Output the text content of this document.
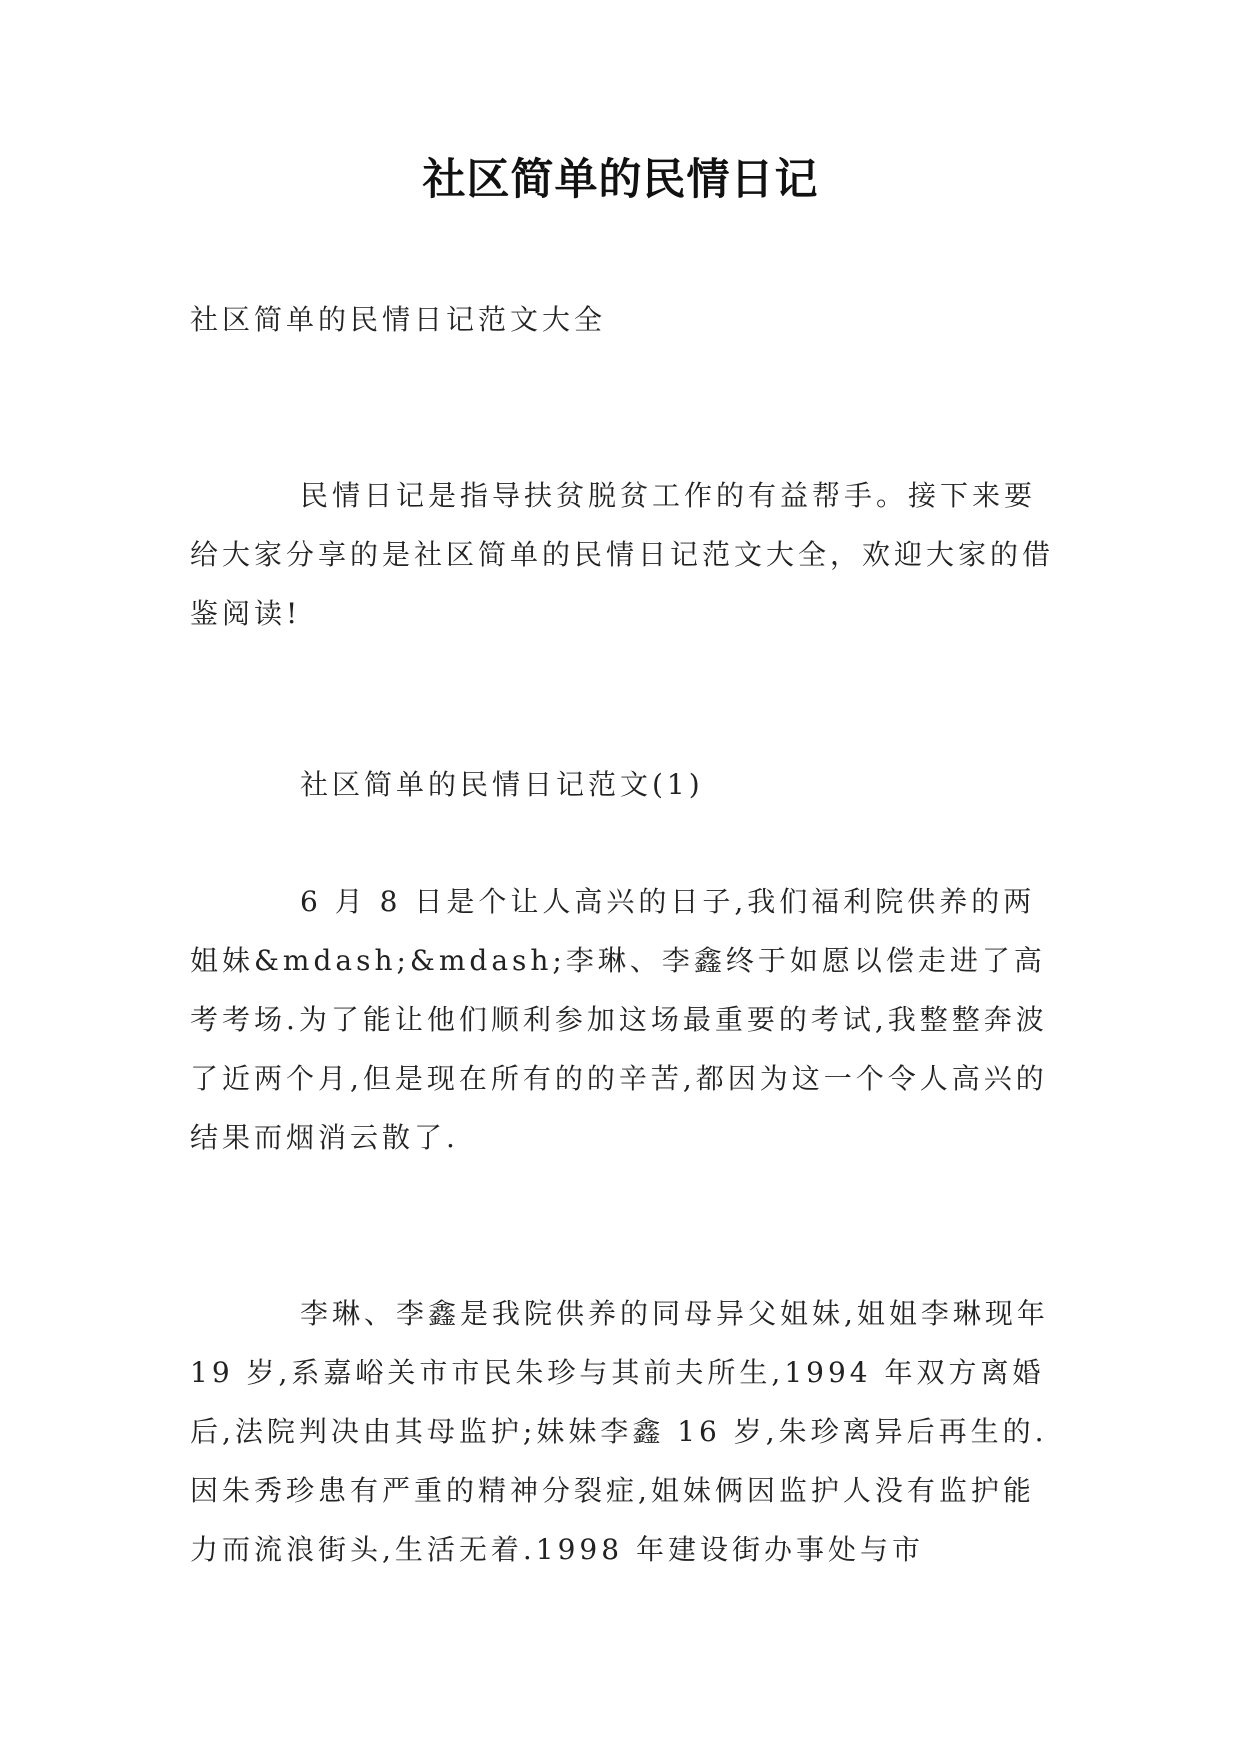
社区简单的民情日记

社区简单的民情日记范文大全

民情日记是指导扶贫脱贫工作的有益帮手。接下来要给大家分享的是社区简单的民情日记范文大全，欢迎大家的借鉴阅读!

社区简单的民情日记范文(1)

6 月 8 日是个让人高兴的日子,我们福利院供养的两姐妹&mdash;&mdash;李琳、李鑫终于如愿以偿走进了高考考场.为了能让他们顺利参加这场最重要的考试,我整整奔波了近两个月,但是现在所有的的辛苦,都因为这一个令人高兴的结果而烟消云散了.

李琳、李鑫是我院供养的同母异父姐妹,姐姐李琳现年 19 岁,系嘉峪关市市民朱珍与其前夫所生,1994 年双方离婚后,法院判决由其母监护;妹妹李鑫 16 岁,朱珍离异后再生的.因朱秀珍患有严重的精神分裂症,姐妹俩因监护人没有监护能力而流浪街头,生活无着.1998 年建设街办事处与市
